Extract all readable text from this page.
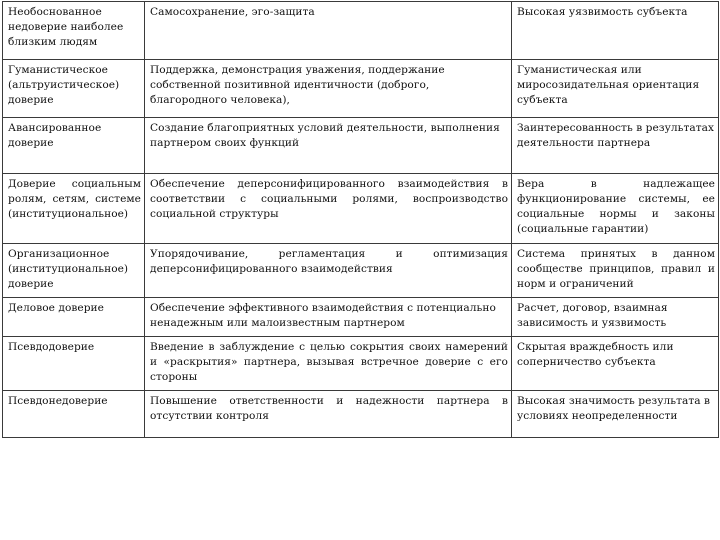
Необоснованное недоверие наиболее близким людям	Самосохранение, эго-защита	Высокая уязвимость субъекта
Гуманистическое (альтруистическое) доверие	Поддержка, демонстрация уважения, поддержание собственной позитивной идентичности (доброго, благородного человека),	Гуманистическая или миросозидательная ориентация субъекта
Авансированное доверие	Создание благоприятных условий деятельности, выполнения партнером своих функций	Заинтересованность в результатах деятельности партнера
Доверие социальным ролям, сетям, системе (институциональное)	Обеспечение деперсонифицированного взаимодействия в соответствии с социальными ролями, воспроизводство социальной структуры	Вера в надлежащее функционирование системы, ее социальные нормы и законы (социальные гарантии)
Организационное (институциональное) доверие	Упорядочивание, регламентация и оптимизация деперсонифицированного взаимодействия	Система принятых в данном сообществе принципов, правил и норм и ограничений
Деловое доверие	Обеспечение эффективного взаимодействия с потенциально ненадежным или малоизвестным партнером	Расчет, договор, взаимная зависимость и уязвимость
Псевдодоверие	Введение в заблуждение с целью сокрытия своих намерений и «раскрытия» партнера, вызывая встречное доверие с его стороны	Скрытая враждебность или соперничество субъекта
Псевдонедоверие	Повышение ответственности и надежности партнера в отсутствии контроля	Высокая значимость результата в условиях неопределенности
